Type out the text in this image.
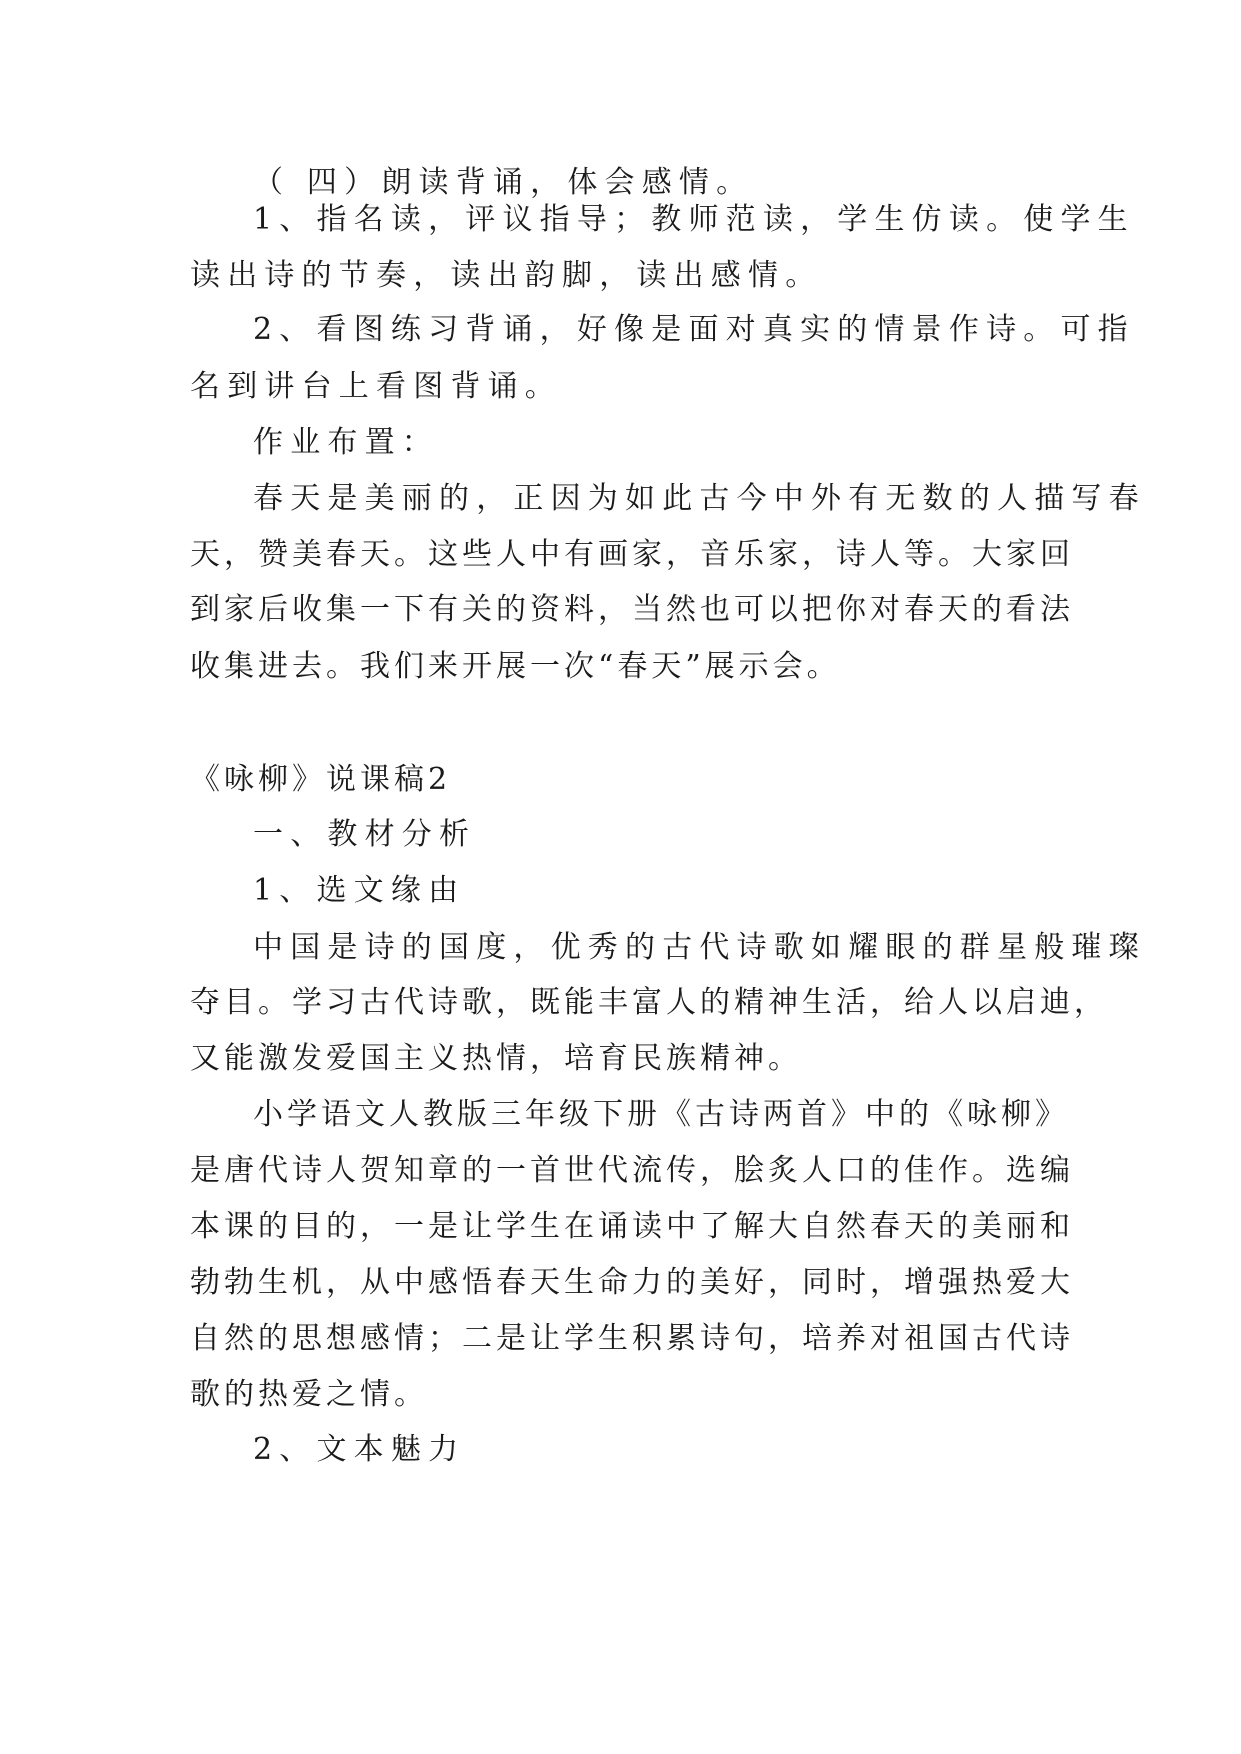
（ 四）朗读背诵，体会感情。

1、指名读，评议指导；教师范读，学生仿读。使学生

读出诗的节奏，读出韵脚，读出感情。

2、看图练习背诵，好像是面对真实的情景作诗。可指

名到讲台上看图背诵。

作业布置：

春天是美丽的，正因为如此古今中外有无数的人描写春

天，赞美春天。这些人中有画家，音乐家，诗人等。大家回

到家后收集一下有关的资料，当然也可以把你对春天的看法

收集进去。我们来开展一次“春天”展示会。

《咏柳》说课稿2

一、教材分析

1、选文缘由

中国是诗的国度，优秀的古代诗歌如耀眼的群星般璀璨

夺目。学习古代诗歌，既能丰富人的精神生活，给人以启迪，

又能激发爱国主义热情，培育民族精神。

小学语文人教版三年级下册《古诗两首》中的《咏柳》

是唐代诗人贺知章的一首世代流传，脍炙人口的佳作。选编

本课的目的，一是让学生在诵读中了解大自然春天的美丽和

勃勃生机，从中感悟春天生命力的美好，同时，增强热爱大

自然的思想感情；二是让学生积累诗句，培养对祖国古代诗

歌的热爱之情。

2、文本魅力
